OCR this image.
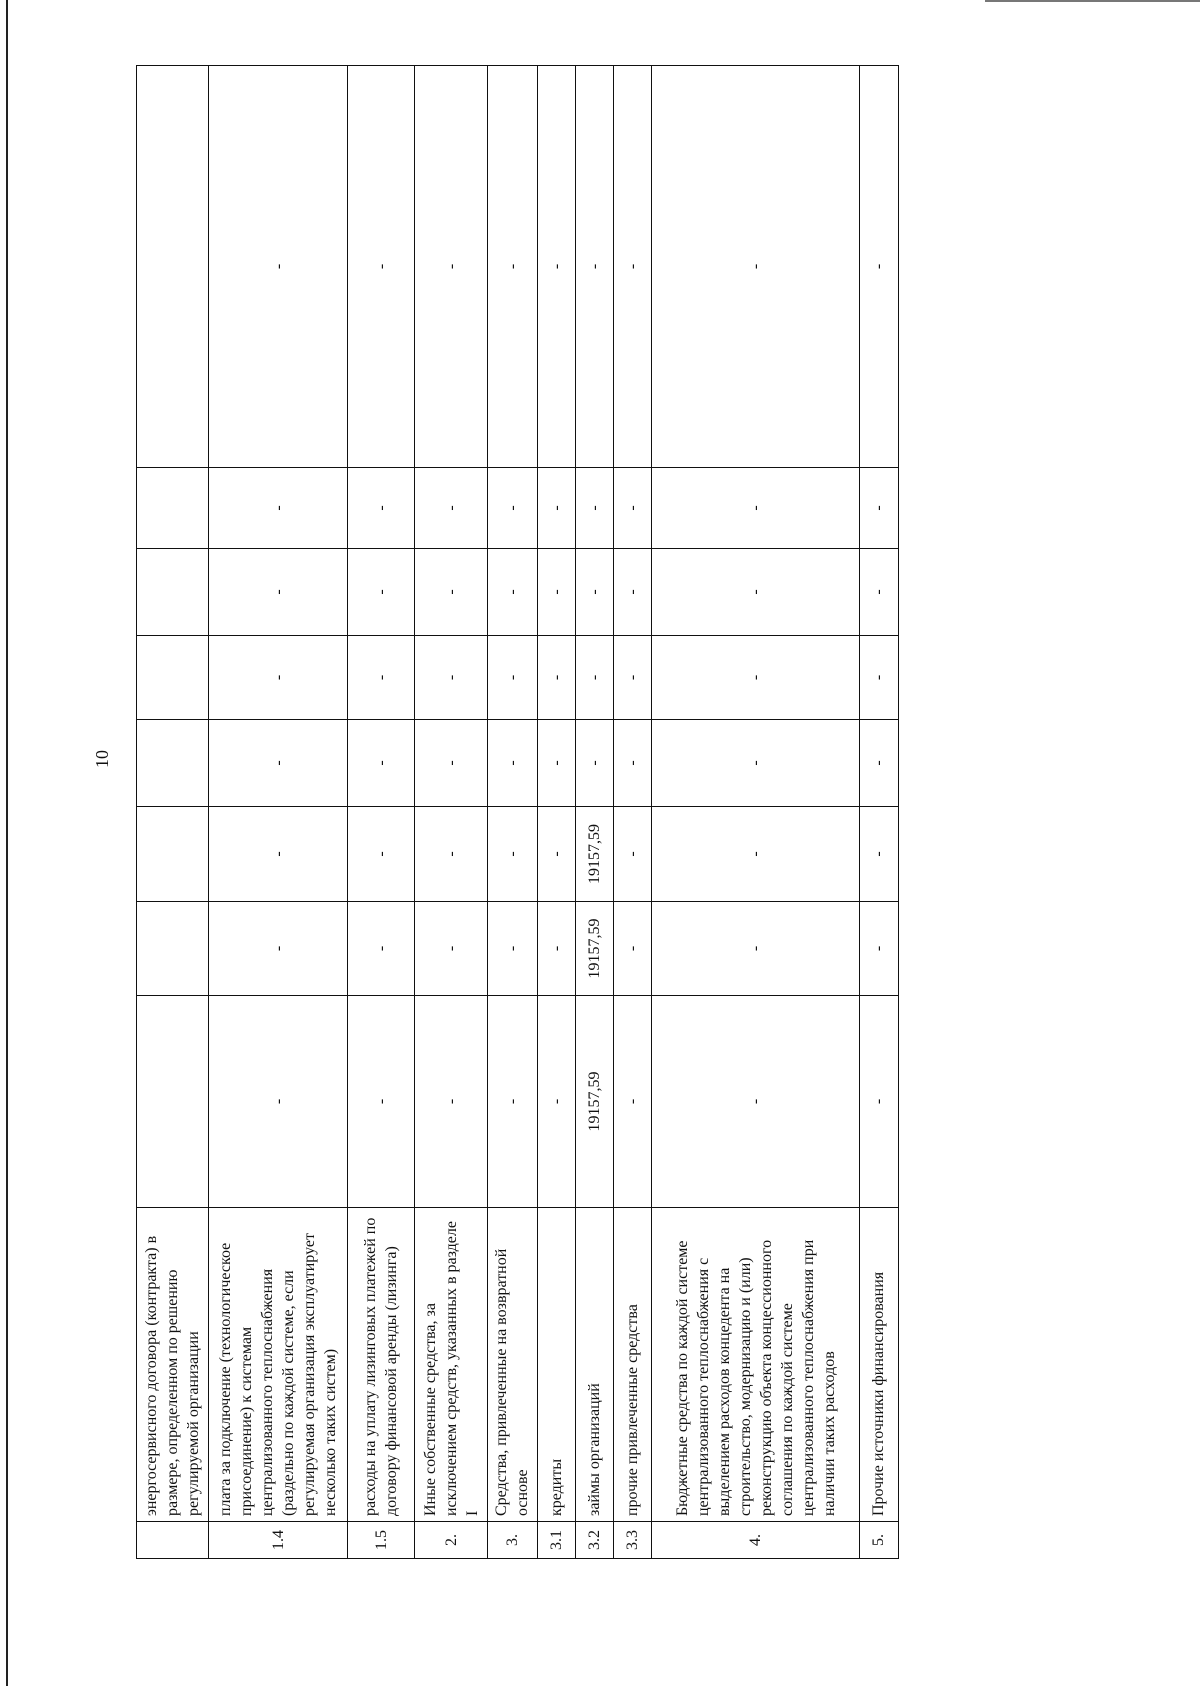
10
	энергосервисного договора (контракта) в размере, определенном по решению регулируемой организации								
1.4	плата за подключение (технологическое присоединение) к системам централизованного теплоснабжения (раздельно по каждой системе, если регулируемая организация эксплуатирует несколько таких систем)	-	-	-	-	-	-	-	-
1.5	расходы на уплату лизинговых платежей по договору финансовой аренды (лизинга)	-	-	-	-	-	-	-	-
2.	Иные собственные средства, за исключением средств, указанных в разделе I	-	-	-	-	-	-	-	-
3.	Средства, привлеченные на возвратной основе	-	-	-	-	-	-	-	-
3.1	кредиты	-	-	-	-	-	-	-	-
3.2	займы организаций	19157,59	19157,59	19157,59	-	-	-	-	-
3.3	прочие привлеченные средства	-	-	-	-	-	-	-	-
4.	Бюджетные средства по каждой системе централизованного теплоснабжения с выделением расходов концедента на строительство, модернизацию и (или) реконструкцию объекта концессионного соглашения по каждой системе централизованного теплоснабжения при наличии таких расходов	-	-	-	-	-	-	-	-
5.	Прочие источники финансирования	-	-	-	-	-	-	-	-
